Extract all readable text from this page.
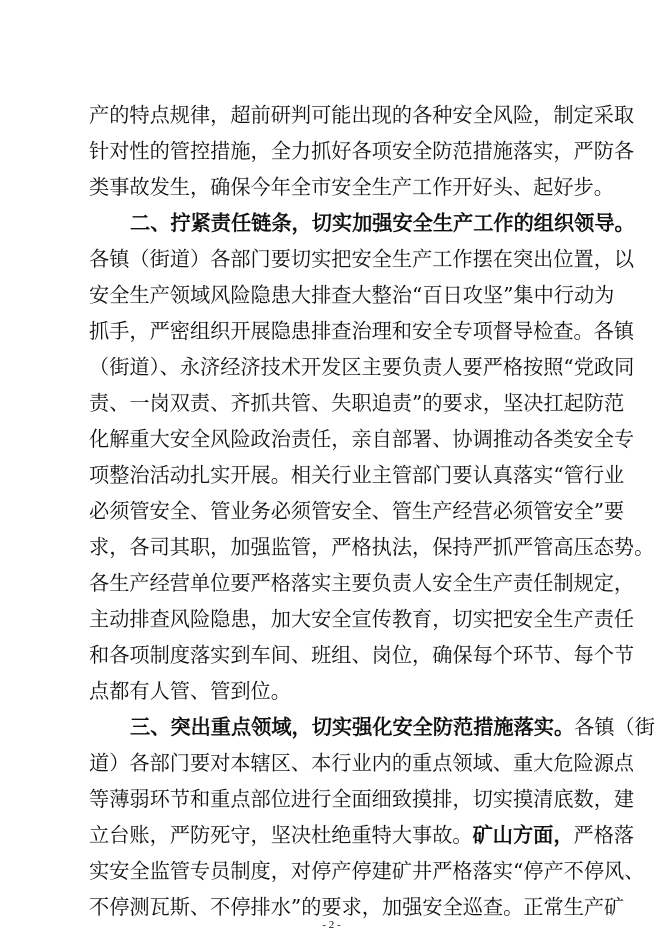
产的特点规律，超前研判可能出现的各种安全风险，制定采取
针对性的管控措施，全力抓好各项安全防范措施落实，严防各
类事故发生，确保今年全市安全生产工作开好头、起好步。
二、拧紧责任链条，切实加强安全生产工作的组织领导。
各镇（街道）各部门要切实把安全生产工作摆在突出位置，以
安全生产领域风险隐患大排查大整治“百日攻坚”集中行动为
抓手，严密组织开展隐患排查治理和安全专项督导检查。各镇
（街道）、永济经济技术开发区主要负责人要严格按照“党政同
责、一岗双责、齐抓共管、失职追责”的要求，坚决扛起防范
化解重大安全风险政治责任，亲自部署、协调推动各类安全专
项整治活动扎实开展。相关行业主管部门要认真落实“管行业
必须管安全、管业务必须管安全、管生产经营必须管安全”要
求，各司其职，加强监管，严格执法，保持严抓严管高压态势。
各生产经营单位要严格落实主要负责人安全生产责任制规定，
主动排查风险隐患，加大安全宣传教育，切实把安全生产责任
和各项制度落实到车间、班组、岗位，确保每个环节、每个节
点都有人管、管到位。
三、突出重点领域，切实强化安全防范措施落实。各镇（街
道）各部门要对本辖区、本行业内的重点领域、重大危险源点
等薄弱环节和重点部位进行全面细致摸排，切实摸清底数，建
立台账，严防死守，坚决杜绝重特大事故。矿山方面，严格落
实安全监管专员制度，对停产停建矿井严格落实“停产不停风、
不停测瓦斯、不停排水”的要求，加强安全巡查。正常生产矿
- 2 -
